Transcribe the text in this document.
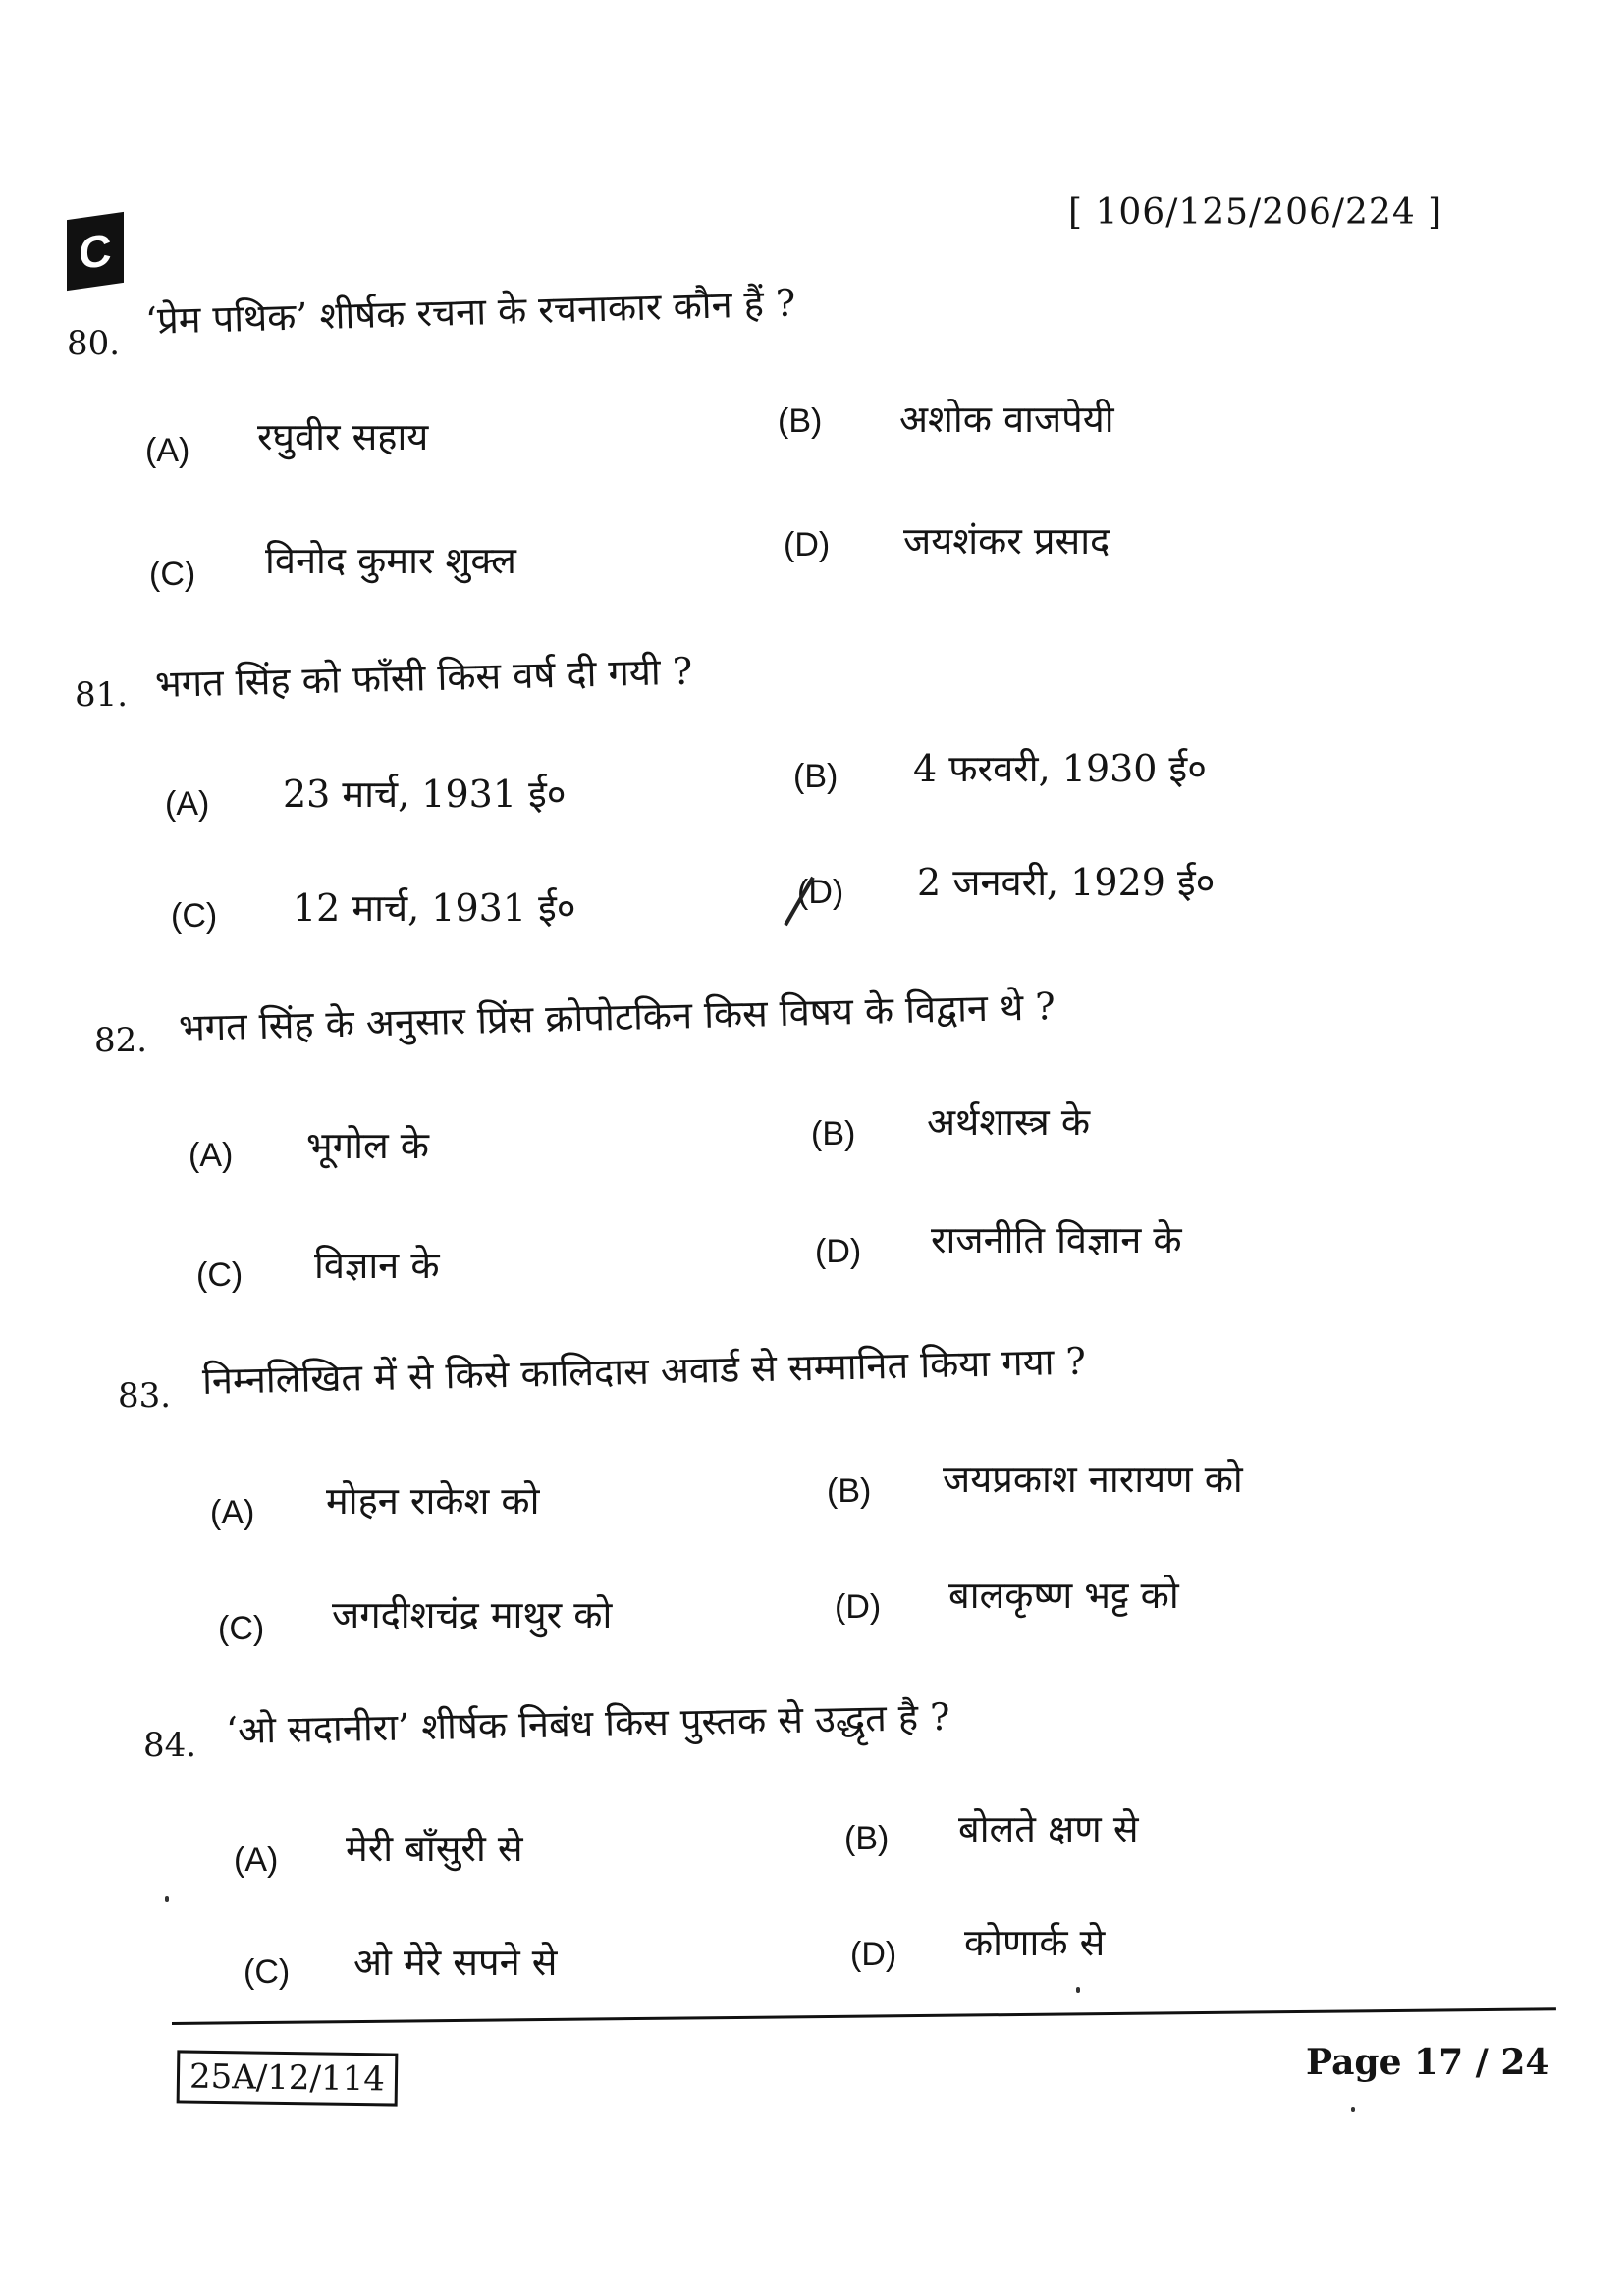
C
[ 106/125/206/224 ]
80.
‘प्रेम पथिक’ शीर्षक रचना के रचनाकार कौन हैं ?
(A) रघुवीर सहाय	(B) अशोक वाजपेयी
(C) विनोद कुमार शुक्ल	(D) जयशंकर प्रसाद
81. भगत सिंह को फाँसी किस वर्ष दी गयी ?
(A) 23 मार्च, 1931 ई०	(B) 4 फरवरी, 1930 ई०
(C) 12 मार्च, 1931 ई०	(D) 2 जनवरी, 1929 ई०
82. भगत सिंह के अनुसार प्रिंस क्रोपोटकिन किस विषय के विद्वान थे ?
(A) भूगोल के	(B) अर्थशास्त्र के
(C) विज्ञान के	(D) राजनीति विज्ञान के
83. निम्नलिखित में से किसे कालिदास अवार्ड से सम्मानित किया गया ?
(A) मोहन राकेश को	(B) जयप्रकाश नारायण को
(C) जगदीशचंद्र माथुर को	(D) बालकृष्ण भट्ट को
84. ‘ओ सदानीरा’ शीर्षक निबंध किस पुस्तक से उद्धृत है ?
(A) मेरी बाँसुरी से	(B) बोलते क्षण से
(C) ओ मेरे सपने से	(D) कोणार्क से
25A/12/114	Page 17 / 24
